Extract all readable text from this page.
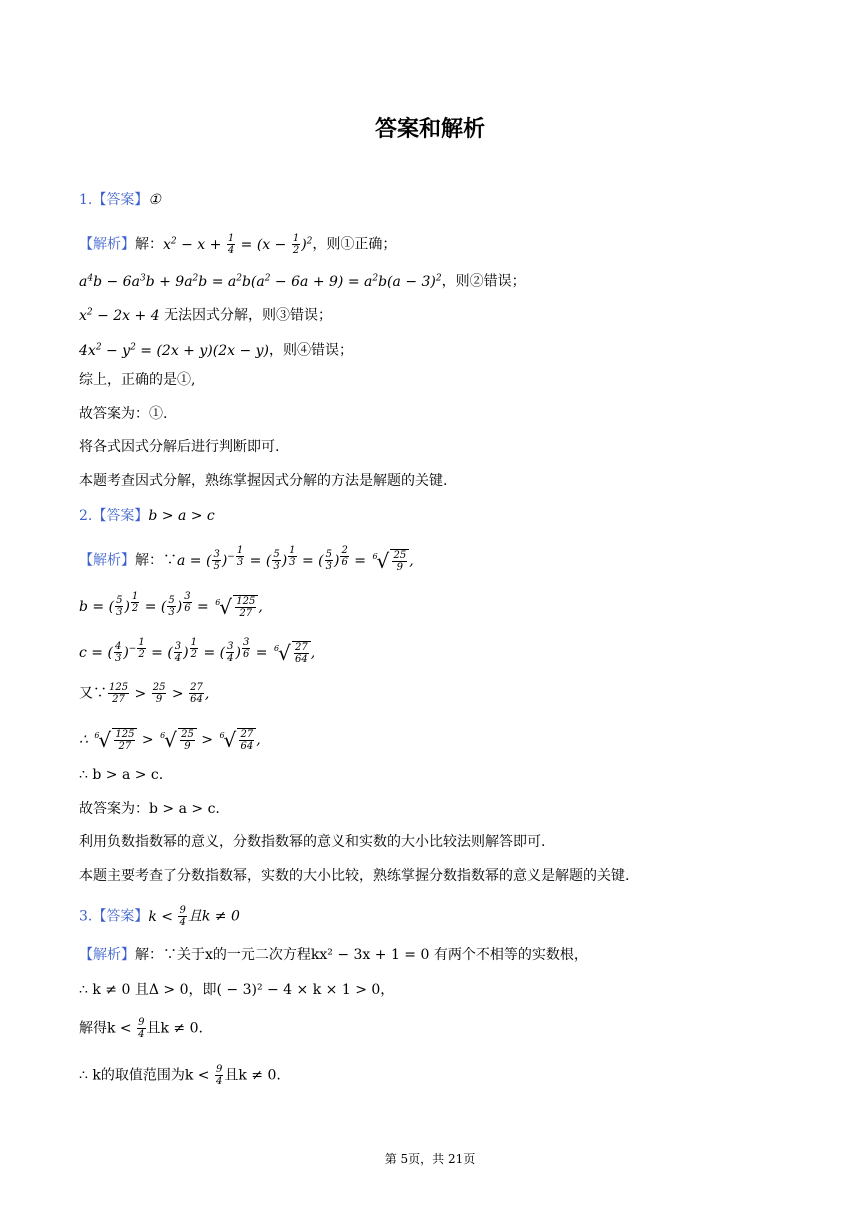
答案和解析
1.【答案】①
【解析】解：$x^2 - x + \frac{1}{4} = (x - \frac{1}{2} )^2$，则①正确；
$a^4b - 6a^3b + 9a^2b = a^2b(a^2 - 6a + 9) = a^2b(a - 3)^2$，则②错误；
$x^2 - 2x + 4$ 无法因式分解，则③错误；
$4x^2 - y^2 = (2x + y)(2x - y)$，则④错误；
综上，正确的是①,
故答案为：①.
将各式因式分解后进行判断即可.
本题考查因式分解，熟练掌握因式分解的方法是解题的关键.
2.【答案】b > a > c
【解析】解：∵a = ( $\frac{3}{5} )^{- \frac{1}{3}}$ = ( $\frac{5}{3}$ ) $^{\frac{1}{3}}$ = ( $\frac{5}{3}$ ) $^{\frac{2}{6}}$ = 6
√ $\frac{25}{9}$ ,
b = ( $\frac{5}{3}$ ) $^{\frac{1}{2}}$ = ( $\frac{5}{3}$ ) $^{\frac{3}{6}}$ = 6
√ $\frac{125}{27}$ ,
c = ( $\frac{4}{3} )^{- \frac{1}{2}}$ = ( $\frac{3}{4}$ ) $^{\frac{1}{2}}$ = ( $\frac{3}{4}$ ) $^{\frac{3}{6}}$ = 6
√ $\frac{27}{64}$ ,
又∵ $\frac{125}{27} > \frac{25}{9} > \frac{27}{64}$ ,
∴ 6
√ $\frac{125}{27} > 6$
√ $\frac{25}{9} > 6$
√ $\frac{27}{64}$ ,
∴ b > a > c.
故答案为：b > a > c.
利用负数指数幂的意义，分数指数幂的意义和实数的大小比较法则解答即可.
本题主要考查了分数指数幂，实数的大小比较，熟练掌握分数指数幂的意义是解题的关键.
3.【答案】$k < \frac{9}{4}$ 且k ≠ 0
【解析】解：∵关于x的一元二次方程kx² − 3x + 1 = 0 有两个不相等的实数根，
∴ k ≠ 0 且Δ > 0，即( − 3)² − 4 × k × 1 > 0，
解得$k < \frac{9}{4}$ 且k ≠ 0.
∴ k的取值范围为$k < \frac{9}{4}$ 且k ≠ 0.
第 5页，共 21页
